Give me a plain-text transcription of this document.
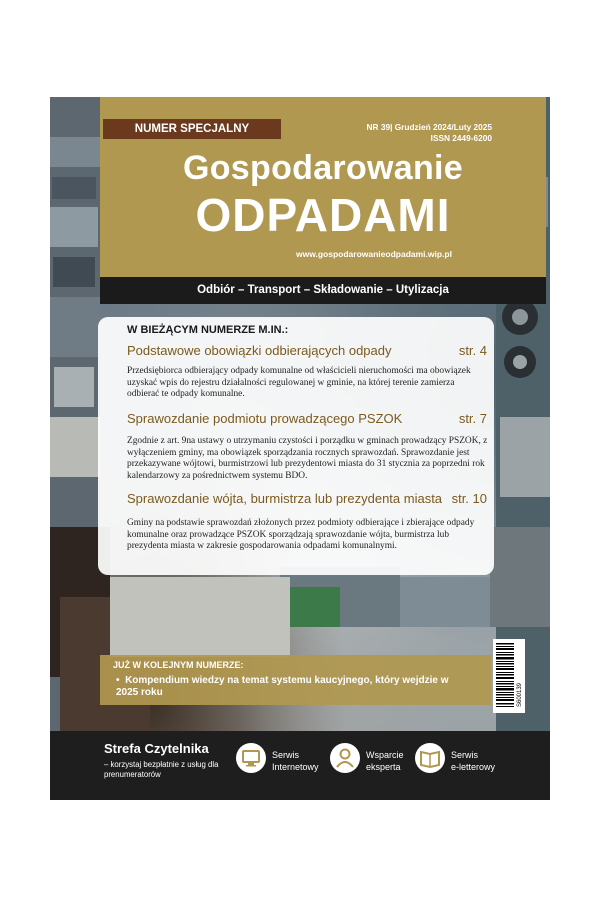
NUMER SPECJALNY	NR 39| Grudzień 2024/Luty 2025
ISSN 2449-6200
Gospodarowanie
ODPADAMI
www.gospodarowanieodpadami.wip.pl
Odbiór – Transport – Składowanie – Utylizacja
W BIEŻĄCYM NUMERZE M.IN.:
Podstawowe obowiązki odbierających odpady	str. 4
Przedsiębiorca odbierający odpady komunalne od właścicieli nieruchomości ma obowiązek uzyskać wpis do rejestru działalności regulowanej w gminie, na której terenie zamierza odbierać te odpady komunalne.
Sprawozdanie podmiotu prowadzącego PSZOK	str. 7
Zgodnie z art. 9na ustawy o utrzymaniu czystości i porządku w gminach prowadzący PSZOK, z wyłączeniem gminy, ma obowiązek sporządzania rocznych sprawozdań. Sprawozdanie jest przekazywane wójtowi, burmistrzowi lub prezydentowi miasta do 31 stycznia za poprzedni rok kalendarzowy za pośrednictwem systemu BDO.
Sprawozdanie wójta, burmistrza lub prezydenta miasta str. 10
Gminy na podstawie sprawozdań złożonych przez podmioty odbierające i zbierające odpady komunalne oraz prowadzące PSZOK sporządzają sprawozdanie wójta, burmistrza lub prezydenta miasta w zakresie gospodarowania odpadami komunalnymi.
JUŻ W KOLEJNYM NUMERZE:
•  Kompendium wiedzy na temat systemu kaucyjnego, który wejdzie w 2025 roku	S600139
Strefa Czytelnika
– korzystaj bezpłatnie z usług dla prenumeratorów
Serwis
Internetowy
Wsparcie
eksperta
Serwis
e-letterowy
